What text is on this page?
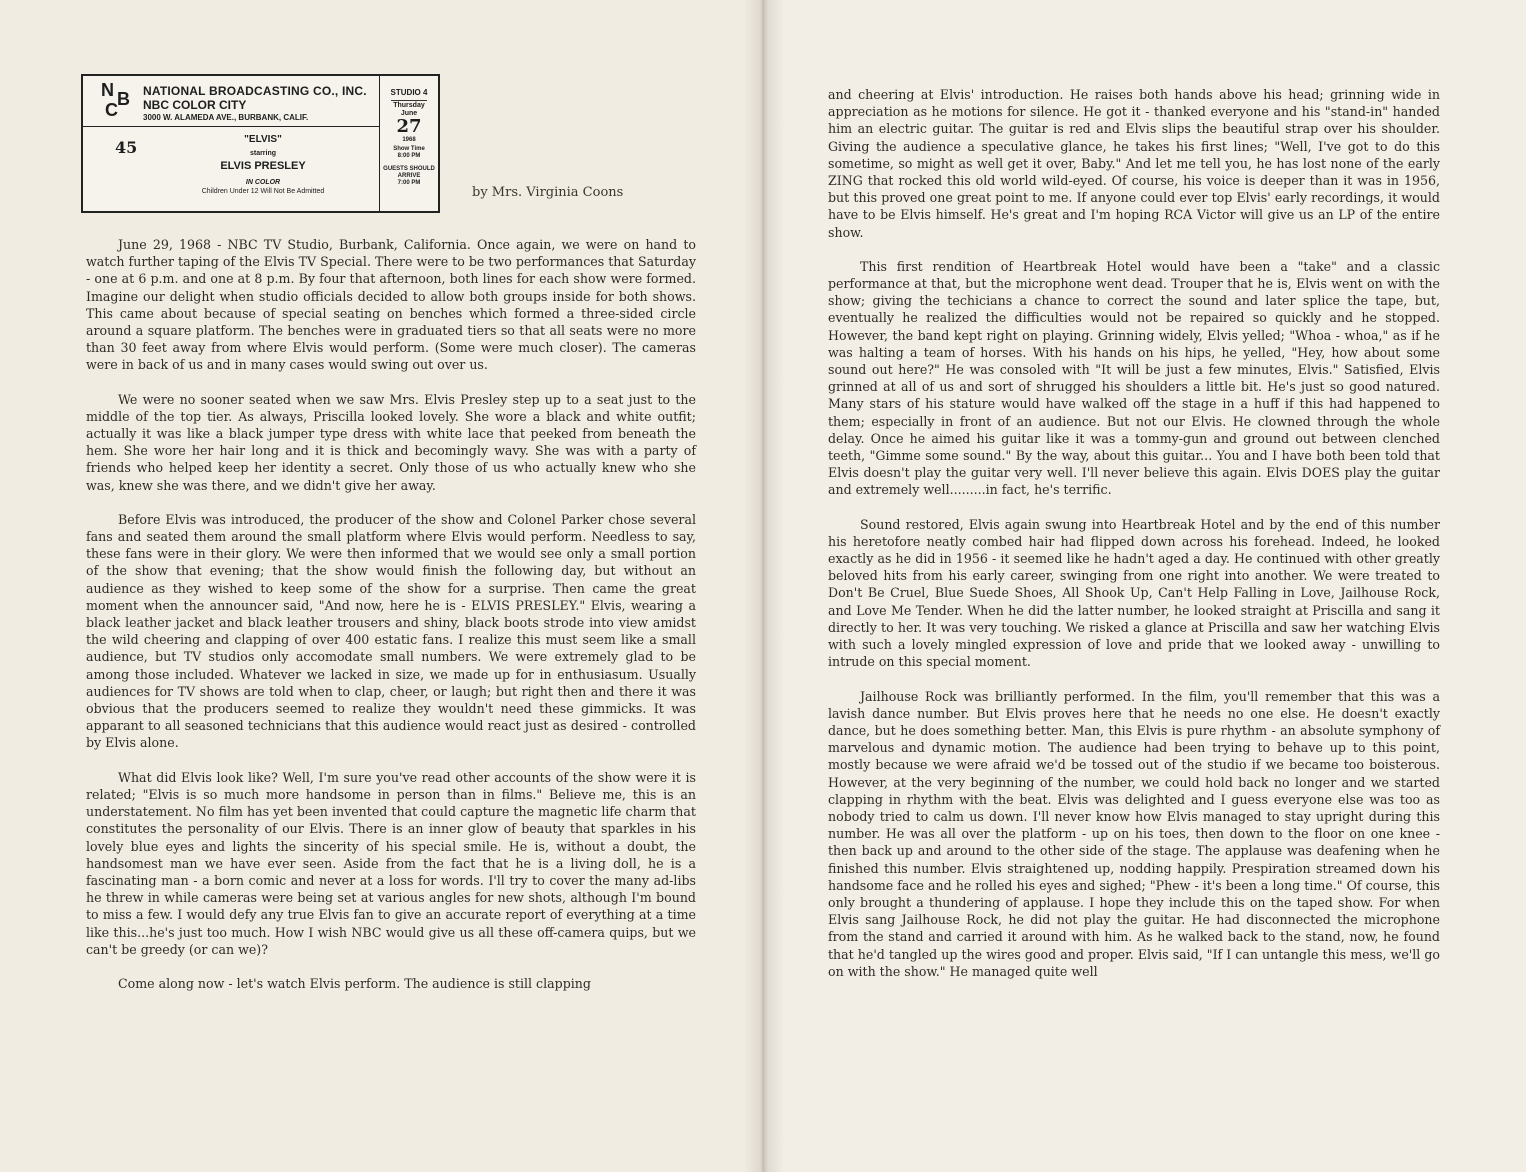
N B
C
NATIONAL BROADCASTING CO., INC.
NBC COLOR CITY
3000 W. ALAMEDA AVE., BURBANK, CALIF.
45	"ELVIS"
starring
ELVIS PRESLEY
IN COLOR
Children Under 12 Will Not Be Admitted
STUDIO 4
Thursday
June
27
1968
Show Time
8:00 PM
GUESTS SHOULD ARRIVE
7:00 PM
by Mrs. Virginia Coons

June 29, 1968 - NBC TV Studio, Burbank, California. Once again, we were on hand to watch further taping of the Elvis TV Special. There were to be two performances that Saturday - one at 6 p.m. and one at 8 p.m. By four that afternoon, both lines for each show were formed. Imagine our delight when studio officials decided to allow both groups inside for both shows. This came about because of special seating on benches which formed a three-sided circle around a square platform. The benches were in graduated tiers so that all seats were no more than 30 feet away from where Elvis would perform. (Some were much closer). The cameras were in back of us and in many cases would swing out over us.

We were no sooner seated when we saw Mrs. Elvis Presley step up to a seat just to the middle of the top tier. As always, Priscilla looked lovely. She wore a black and white outfit; actually it was like a black jumper type dress with white lace that peeked from beneath the hem. She wore her hair long and it is thick and becomingly wavy. She was with a party of friends who helped keep her identity a secret. Only those of us who actually knew who she was, knew she was there, and we didn't give her away.

Before Elvis was introduced, the producer of the show and Colonel Parker chose several fans and seated them around the small platform where Elvis would perform. Needless to say, these fans were in their glory. We were then informed that we would see only a small portion of the show that evening; that the show would finish the following day, but without an audience as they wished to keep some of the show for a surprise. Then came the great moment when the announcer said, "And now, here he is - ELVIS PRESLEY." Elvis, wearing a black leather jacket and black leather trousers and shiny, black boots strode into view amidst the wild cheering and clapping of over 400 estatic fans. I realize this must seem like a small audience, but TV studios only accomodate small numbers. We were extremely glad to be among those included. Whatever we lacked in size, we made up for in enthusiasum. Usually audiences for TV shows are told when to clap, cheer, or laugh; but right then and there it was obvious that the producers seemed to realize they wouldn't need these gimmicks. It was apparant to all seasoned technicians that this audience would react just as desired - controlled by Elvis alone.

What did Elvis look like? Well, I'm sure you've read other accounts of the show were it is related; "Elvis is so much more handsome in person than in films." Believe me, this is an understatement. No film has yet been invented that could capture the magnetic life charm that constitutes the personality of our Elvis. There is an inner glow of beauty that sparkles in his lovely blue eyes and lights the sincerity of his special smile. He is, without a doubt, the handsomest man we have ever seen. Aside from the fact that he is a living doll, he is a fascinating man - a born comic and never at a loss for words. I'll try to cover the many ad-libs he threw in while cameras were being set at various angles for new shots, although I'm bound to miss a few. I would defy any true Elvis fan to give an accurate report of everything at a time like this...he's just too much. How I wish NBC would give us all these off-camera quips, but we can't be greedy (or can we)?

Come along now - let's watch Elvis perform. The audience is still clapping

and cheering at Elvis' introduction. He raises both hands above his head; grinning wide in appreciation as he motions for silence. He got it - thanked everyone and his "stand-in" handed him an electric guitar. The guitar is red and Elvis slips the beautiful strap over his shoulder. Giving the audience a speculative glance, he takes his first lines; "Well, I've got to do this sometime, so might as well get it over, Baby." And let me tell you, he has lost none of the early ZING that rocked this old world wild-eyed. Of course, his voice is deeper than it was in 1956, but this proved one great point to me. If anyone could ever top Elvis' early recordings, it would have to be Elvis himself. He's great and I'm hoping RCA Victor will give us an LP of the entire show.

This first rendition of Heartbreak Hotel would have been a "take" and a classic performance at that, but the microphone went dead. Trouper that he is, Elvis went on with the show; giving the techicians a chance to correct the sound and later splice the tape, but, eventually he realized the difficulties would not be repaired so quickly and he stopped. However, the band kept right on playing. Grinning widely, Elvis yelled; "Whoa - whoa," as if he was halting a team of horses. With his hands on his hips, he yelled, "Hey, how about some sound out here?" He was consoled with "It will be just a few minutes, Elvis." Satisfied, Elvis grinned at all of us and sort of shrugged his shoulders a little bit. He's just so good natured. Many stars of his stature would have walked off the stage in a huff if this had happened to them; especially in front of an audience. But not our Elvis. He clowned through the whole delay. Once he aimed his guitar like it was a tommy-gun and ground out between clenched teeth, "Gimme some sound." By the way, about this guitar... You and I have both been told that Elvis doesn't play the guitar very well. I'll never believe this again. Elvis DOES play the guitar and extremely well.........in fact, he's terrific.

Sound restored, Elvis again swung into Heartbreak Hotel and by the end of this number his heretofore neatly combed hair had flipped down across his forehead. Indeed, he looked exactly as he did in 1956 - it seemed like he hadn't aged a day. He continued with other greatly beloved hits from his early career, swinging from one right into another. We were treated to Don't Be Cruel, Blue Suede Shoes, All Shook Up, Can't Help Falling in Love, Jailhouse Rock, and Love Me Tender. When he did the latter number, he looked straight at Priscilla and sang it directly to her. It was very touching. We risked a glance at Priscilla and saw her watching Elvis with such a lovely mingled expression of love and pride that we looked away - unwilling to intrude on this special moment.

Jailhouse Rock was brilliantly performed. In the film, you'll remember that this was a lavish dance number. But Elvis proves here that he needs no one else. He doesn't exactly dance, but he does something better. Man, this Elvis is pure rhythm - an absolute symphony of marvelous and dynamic motion. The audience had been trying to behave up to this point, mostly because we were afraid we'd be tossed out of the studio if we became too boisterous. However, at the very beginning of the number, we could hold back no longer and we started clapping in rhythm with the beat. Elvis was delighted and I guess everyone else was too as nobody tried to calm us down. I'll never know how Elvis managed to stay upright during this number. He was all over the platform - up on his toes, then down to the floor on one knee - then back up and around to the other side of the stage. The applause was deafening when he finished this number. Elvis straightened up, nodding happily. Prespiration streamed down his handsome face and he rolled his eyes and sighed; "Phew - it's been a long time." Of course, this only brought a thundering of applause. I hope they include this on the taped show. For when Elvis sang Jailhouse Rock, he did not play the guitar. He had disconnected the microphone from the stand and carried it around with him. As he walked back to the stand, now, he found that he'd tangled up the wires good and proper. Elvis said, "If I can untangle this mess, we'll go on with the show." He managed quite well
